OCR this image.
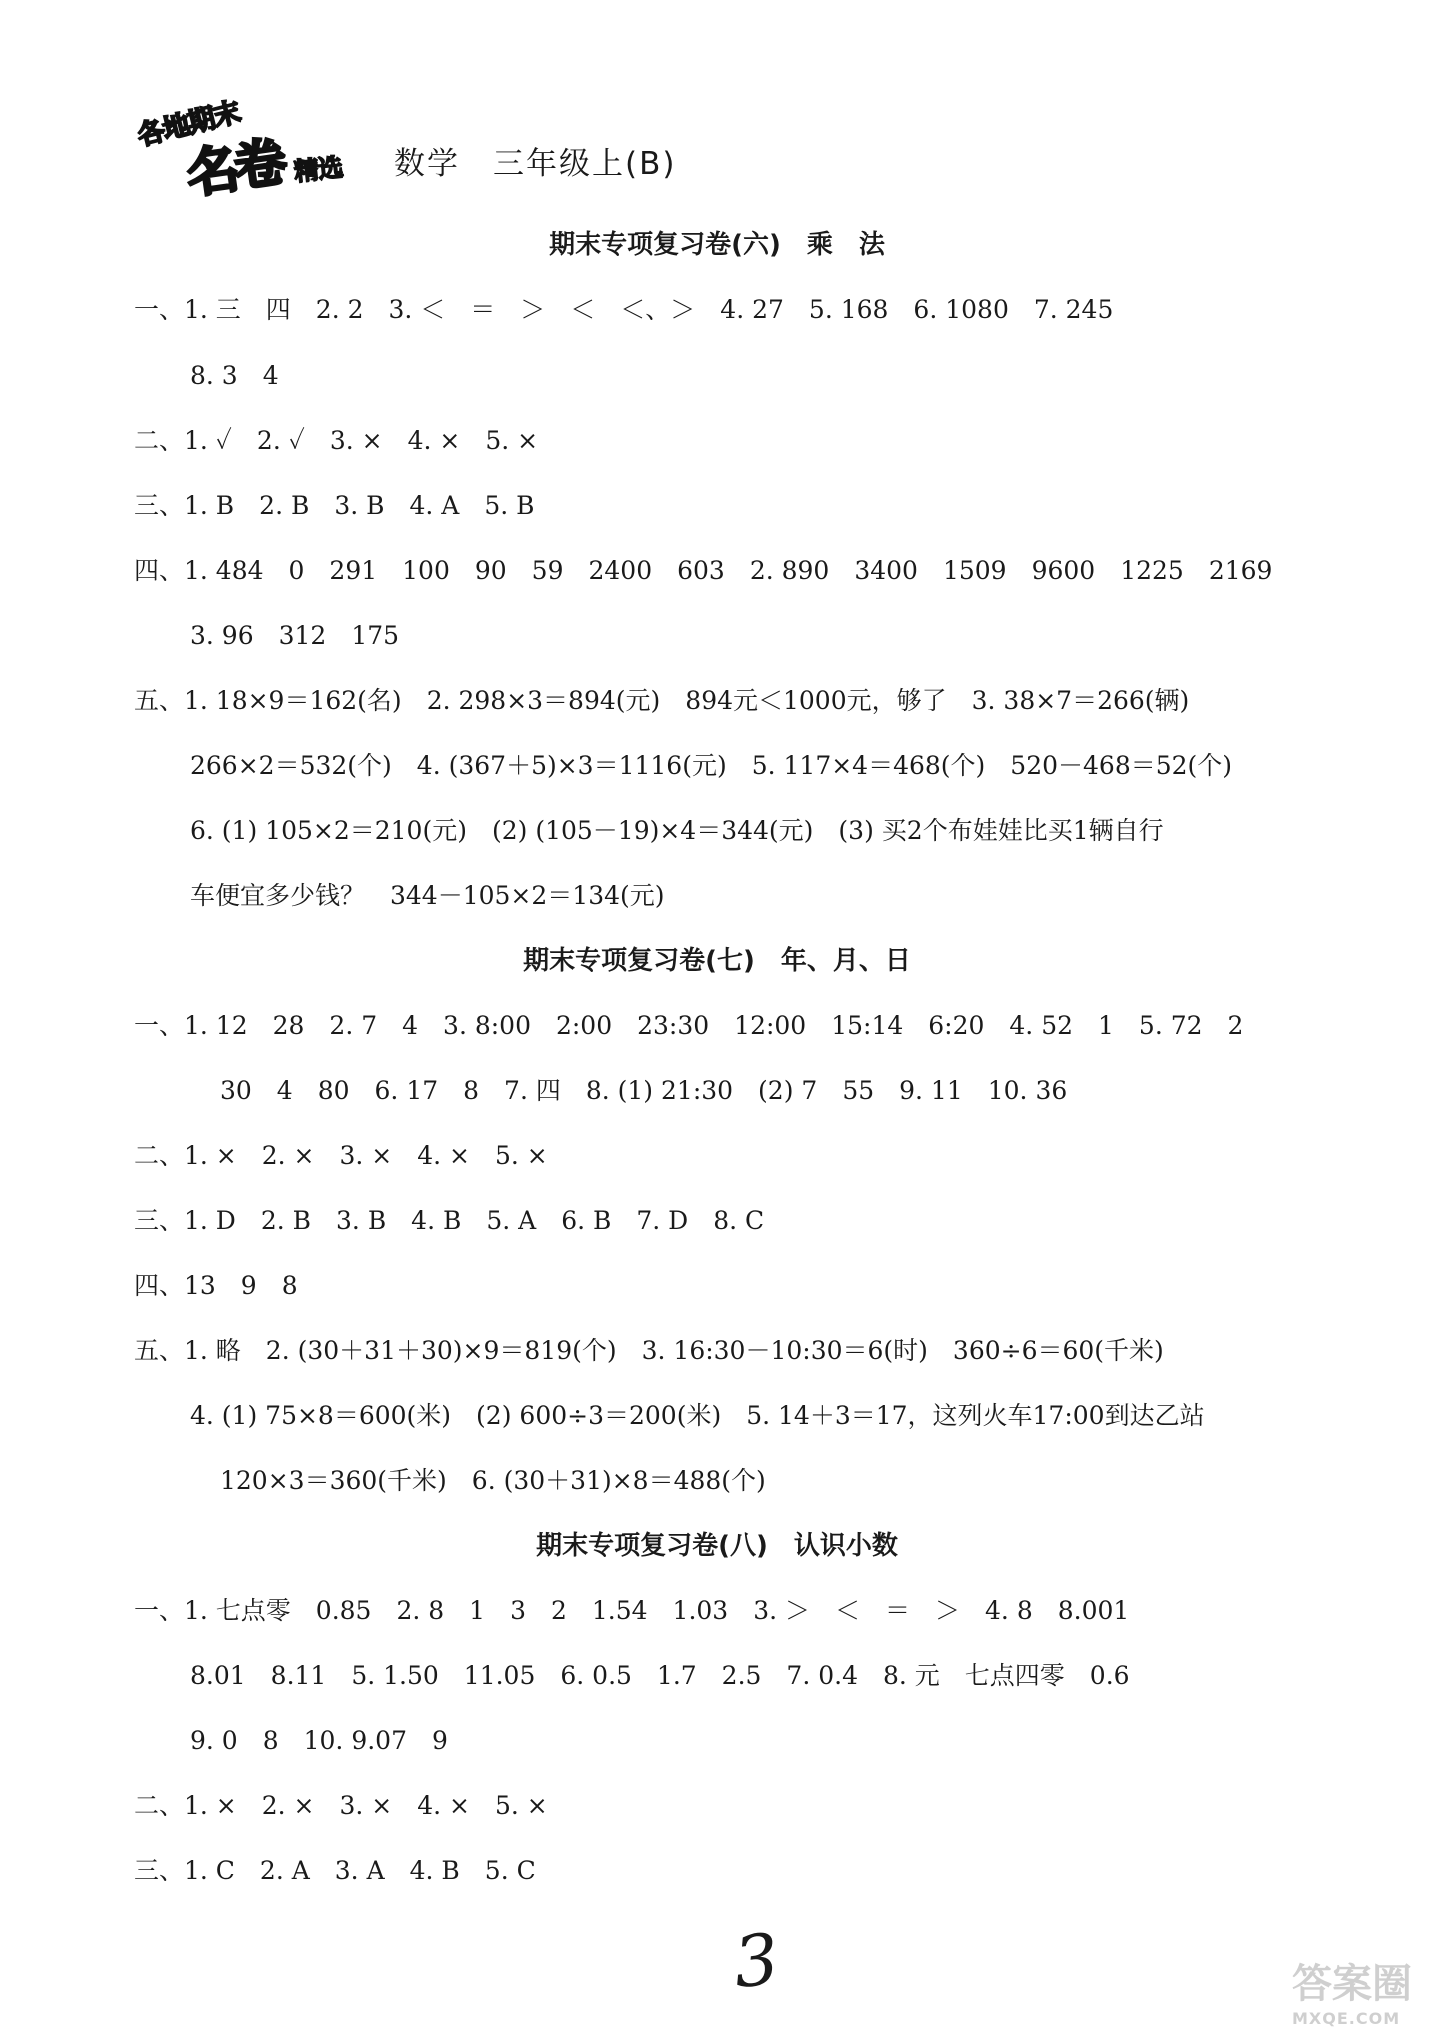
各地期末
名卷 精选 数学　三年级上(B)
期末专项复习卷(六)　乘　法
期末专项复习卷(七)　年、月、日
期末专项复习卷(八)　认识小数
一、1. 三　四　2. 2　3. ＜　＝　＞　＜　＜、＞　4. 27　5. 168　6. 1080　7. 245
8. 3　4
二、1. ✓　2. ✓　3. ×　4. ×　5. ×
三、1. B　2. B　3. B　4. A　5. B
四、1. 484　0　291　100　90　59　2400　603　2. 890　3400　1509　9600　1225　2169
3. 96　312　175
五、1. 18×9＝162(名)　2. 298×3＝894(元)　894元＜1000元，够了　3. 38×7＝266(辆)
266×2＝532(个)　4. (367＋5)×3＝1116(元)　5. 117×4＝468(个)　520－468＝52(个)
6. (1) 105×2＝210(元)　(2) (105－19)×4＝344(元)　(3) 买2个布娃娃比买1辆自行
车便宜多少钱？　344－105×2＝134(元)
一、1. 12　28　2. 7　4　3. 8:00　2:00　23:30　12:00　15:14　6:20　4. 52　1　5. 72　2
30　4　80　6. 17　8　7. 四　8. (1) 21:30　(2) 7　55　9. 11　10. 36
二、1. ×　2. ×　3. ×　4. ×　5. ×
三、1. D　2. B　3. B　4. B　5. A　6. B　7. D　8. C
四、13　9　8
五、1. 略　2. (30＋31＋30)×9＝819(个)　3. 16:30－10:30＝6(时)　360÷6＝60(千米)
4. (1) 75×8＝600(米)　(2) 600÷3＝200(米)　5. 14＋3＝17，这列火车17:00到达乙站
120×3＝360(千米)　6. (30＋31)×8＝488(个)
一、1. 七点零　0.85　2. 8　1　3　2　1.54　1.03　3. ＞　＜　＝　＞　4. 8　8.001
8.01　8.11　5. 1.50　11.05　6. 0.5　1.7　2.5　7. 0.4　8. 元　七点四零　0.6
9. 0　8　10. 9.07　9
二、1. ×　2. ×　3. ×　4. ×　5. ×
三、1. C　2. A　3. A　4. B　5. C
3	答案圈
MXQE.COM
